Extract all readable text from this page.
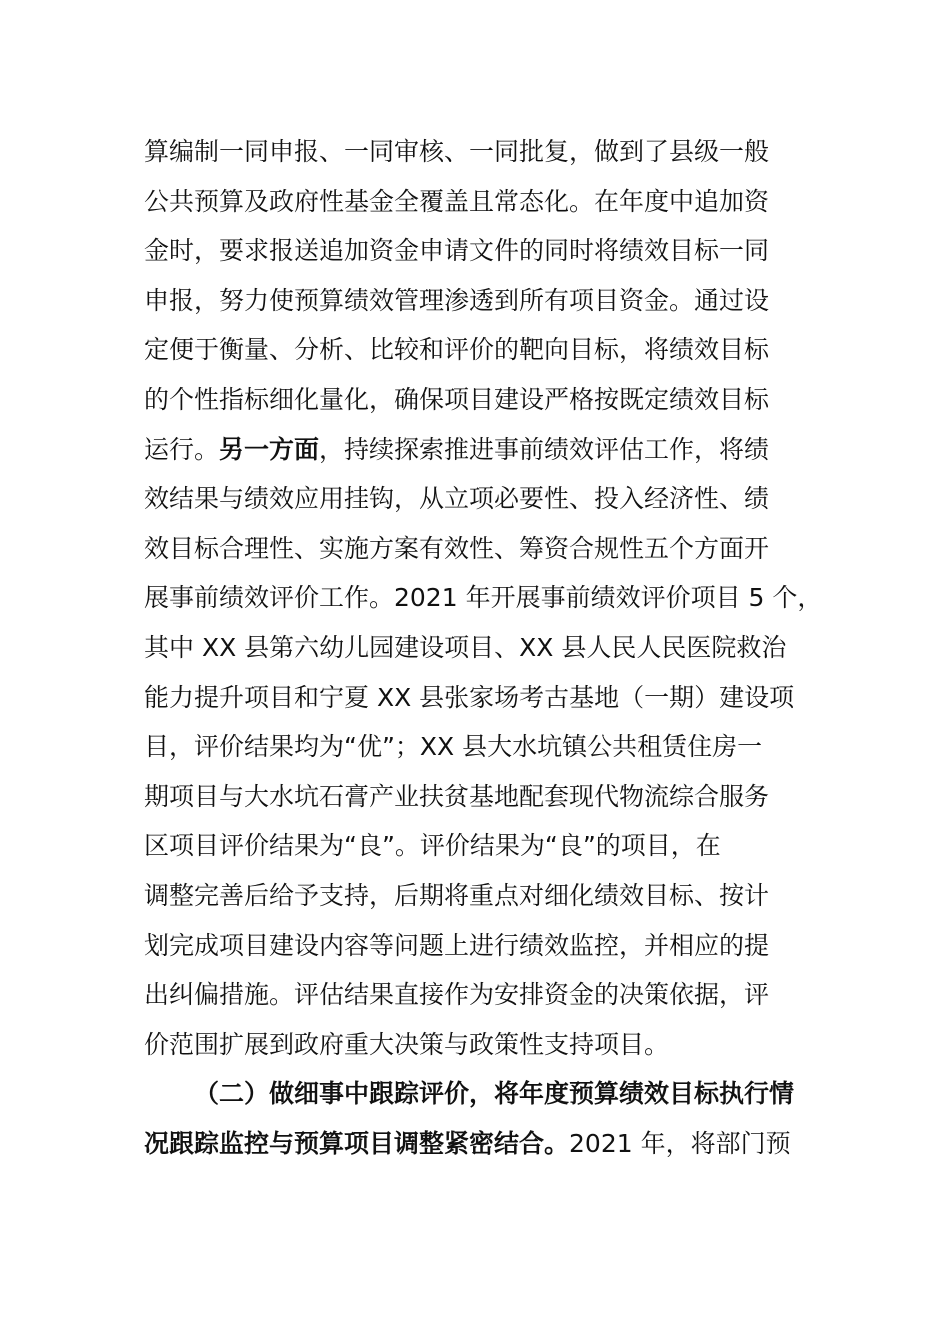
算编制一同申报、一同审核、一同批复，做到了县级一般
公共预算及政府性基金全覆盖且常态化。在年度中追加资
金时，要求报送追加资金申请文件的同时将绩效目标一同
申报，努力使预算绩效管理渗透到所有项目资金。通过设
定便于衡量、分析、比较和评价的靶向目标，将绩效目标
的个性指标细化量化，确保项目建设严格按既定绩效目标
运行。另一方面，持续探索推进事前绩效评估工作，将绩
效结果与绩效应用挂钩，从立项必要性、投入经济性、绩
效目标合理性、实施方案有效性、筹资合规性五个方面开
展事前绩效评价工作。2021 年开展事前绩效评价项目 5 个，
其中 XX 县第六幼儿园建设项目、XX 县人民人民医院救治
能力提升项目和宁夏 XX 县张家场考古基地（一期）建设项
目，评价结果均为“优”；XX 县大水坑镇公共租赁住房一
期项目与大水坑石膏产业扶贫基地配套现代物流综合服务
区项目评价结果为“良”。评价结果为“良”的项目，在
调整完善后给予支持，后期将重点对细化绩效目标、按计
划完成项目建设内容等问题上进行绩效监控，并相应的提
出纠偏措施。评估结果直接作为安排资金的决策依据，评
价范围扩展到政府重大决策与政策性支持项目。
（二）做细事中跟踪评价，将年度预算绩效目标执行情
况跟踪监控与预算项目调整紧密结合。2021 年，将部门预
